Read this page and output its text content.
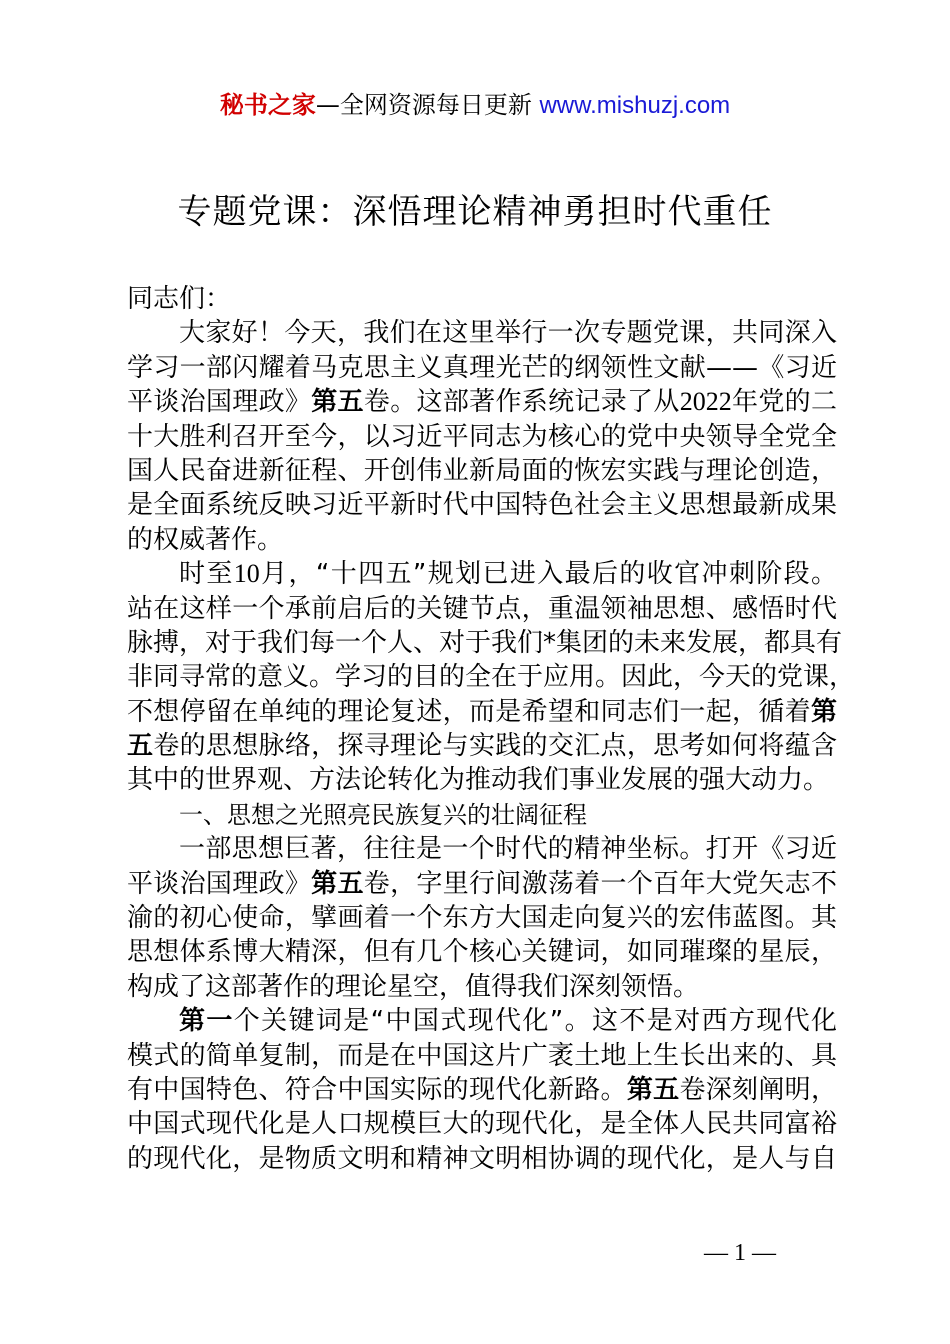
秘书之家—全网资源每日更新 www.mishuzj.com
专题党课：深悟理论精神勇担时代重任
同志们：
大家好！今天，我们在这里举行一次专题党课，共同深入
学习一部闪耀着马克思主义真理光芒的纲领性文献——《习近
平谈治国理政》第五卷。这部著作系统记录了从2022年党的二
十大胜利召开至今，以习近平同志为核心的党中央领导全党全
国人民奋进新征程、开创伟业新局面的恢宏实践与理论创造，
是全面系统反映习近平新时代中国特色社会主义思想最新成果
的权威著作。
时至10月，“十四五”规划已进入最后的收官冲刺阶段。
站在这样一个承前启后的关键节点，重温领袖思想、感悟时代
脉搏，对于我们每一个人、对于我们*集团的未来发展，都具有
非同寻常的意义。学习的目的全在于应用。因此，今天的党课，
不想停留在单纯的理论复述，而是希望和同志们一起，循着第
五卷的思想脉络，探寻理论与实践的交汇点，思考如何将蕴含
其中的世界观、方法论转化为推动我们事业发展的强大动力。
一、思想之光照亮民族复兴的壮阔征程
一部思想巨著，往往是一个时代的精神坐标。打开《习近
平谈治国理政》第五卷，字里行间激荡着一个百年大党矢志不
渝的初心使命，擘画着一个东方大国走向复兴的宏伟蓝图。其
思想体系博大精深，但有几个核心关键词，如同璀璨的星辰，
构成了这部著作的理论星空，值得我们深刻领悟。
第一个关键词是“中国式现代化”。这不是对西方现代化
模式的简单复制，而是在中国这片广袤土地上生长出来的、具
有中国特色、符合中国实际的现代化新路。第五卷深刻阐明，
中国式现代化是人口规模巨大的现代化，是全体人民共同富裕
的现代化，是物质文明和精神文明相协调的现代化，是人与自
— 1 —
